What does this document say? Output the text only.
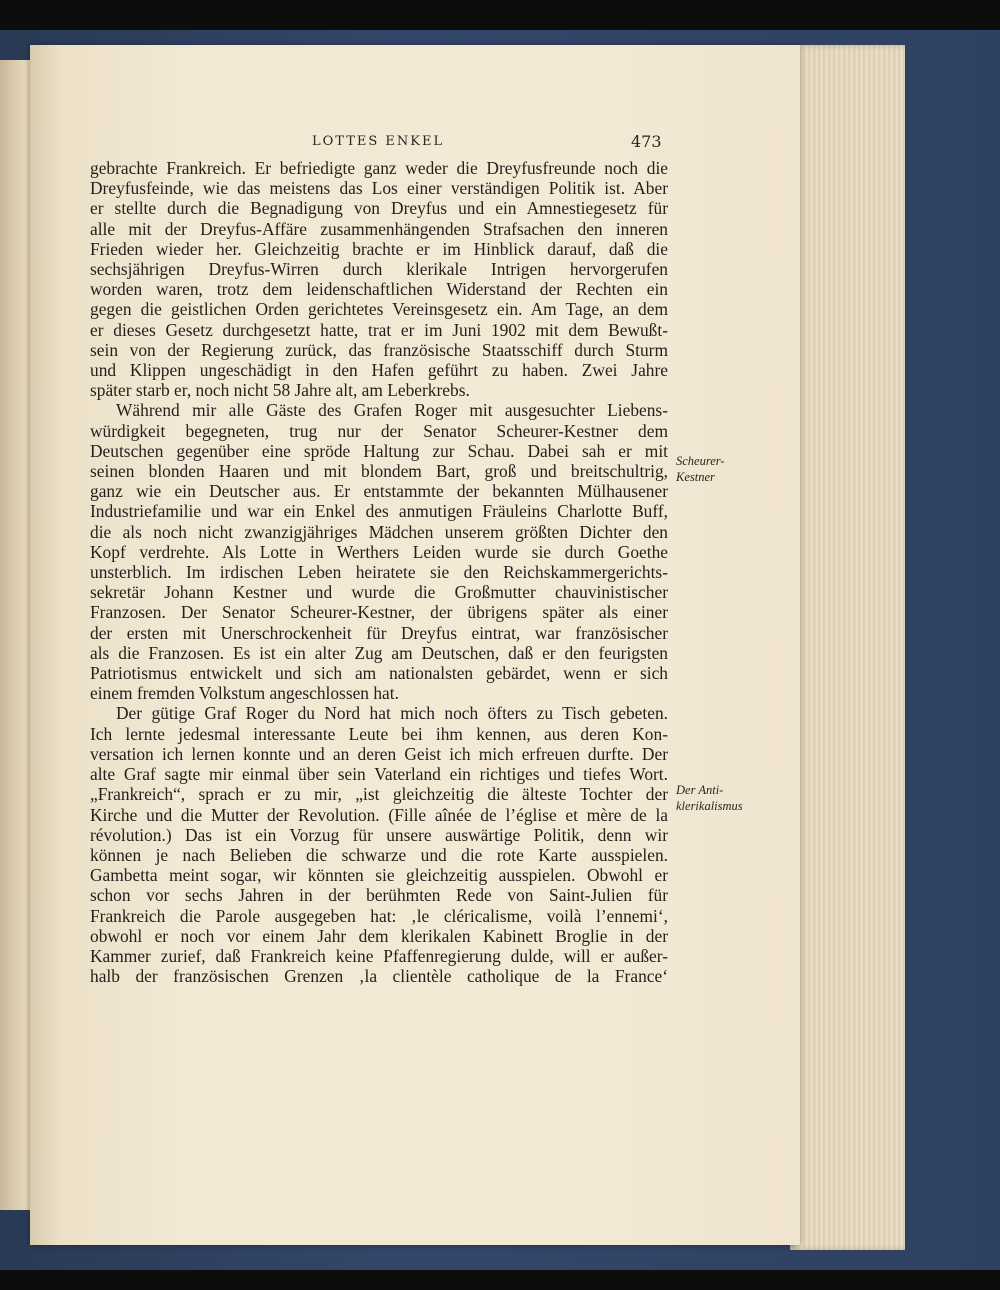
LOTTES ENKEL	473
gebrachte Frankreich. Er befriedigte ganz weder die Dreyfusfreunde noch die
Dreyfusfeinde, wie das meistens das Los einer verständigen Politik ist. Aber
er stellte durch die Begnadigung von Dreyfus und ein Amnestiegesetz für
alle mit der Dreyfus-Affäre zusammenhängenden Strafsachen den inneren
Frieden wieder her. Gleichzeitig brachte er im Hinblick darauf, daß die
sechsjährigen Dreyfus-Wirren durch klerikale Intrigen hervorgerufen
worden waren, trotz dem leidenschaftlichen Widerstand der Rechten ein
gegen die geistlichen Orden gerichtetes Vereinsgesetz ein. Am Tage, an dem
er dieses Gesetz durchgesetzt hatte, trat er im Juni 1902 mit dem Bewußt-
sein von der Regierung zurück, das französische Staatsschiff durch Sturm
und Klippen ungeschädigt in den Hafen geführt zu haben. Zwei Jahre
später starb er, noch nicht 58 Jahre alt, am Leberkrebs.
Während mir alle Gäste des Grafen Roger mit ausgesuchter Liebens-
würdigkeit begegneten, trug nur der Senator Scheurer-Kestner dem
Deutschen gegenüber eine spröde Haltung zur Schau. Dabei sah er mit
seinen blonden Haaren und mit blondem Bart, groß und breitschultrig,
ganz wie ein Deutscher aus. Er entstammte der bekannten Mülhausener
Industriefamilie und war ein Enkel des anmutigen Fräuleins Charlotte Buff,
die als noch nicht zwanzigjähriges Mädchen unserem größten Dichter den
Kopf verdrehte. Als Lotte in Werthers Leiden wurde sie durch Goethe
unsterblich. Im irdischen Leben heiratete sie den Reichskammergerichts-
sekretär Johann Kestner und wurde die Großmutter chauvinistischer
Franzosen. Der Senator Scheurer-Kestner, der übrigens später als einer
der ersten mit Unerschrockenheit für Dreyfus eintrat, war französischer
als die Franzosen. Es ist ein alter Zug am Deutschen, daß er den feurigsten
Patriotismus entwickelt und sich am nationalsten gebärdet, wenn er sich
einem fremden Volkstum angeschlossen hat.
Der gütige Graf Roger du Nord hat mich noch öfters zu Tisch gebeten.
Ich lernte jedesmal interessante Leute bei ihm kennen, aus deren Kon-
versation ich lernen konnte und an deren Geist ich mich erfreuen durfte. Der
alte Graf sagte mir einmal über sein Vaterland ein richtiges und tiefes Wort.
„Frankreich“, sprach er zu mir, „ist gleichzeitig die älteste Tochter der
Kirche und die Mutter der Revolution. (Fille aînée de l’église et mère de la
révolution.) Das ist ein Vorzug für unsere auswärtige Politik, denn wir
können je nach Belieben die schwarze und die rote Karte ausspielen.
Gambetta meint sogar, wir könnten sie gleichzeitig ausspielen. Obwohl er
schon vor sechs Jahren in der berühmten Rede von Saint-Julien für
Frankreich die Parole ausgegeben hat: ‚le cléricalisme, voilà l’ennemi‘,
obwohl er noch vor einem Jahr dem klerikalen Kabinett Broglie in der
Kammer zurief, daß Frankreich keine Pfaffenregierung dulde, will er außer-
halb der französischen Grenzen ‚la clientèle catholique de la France‘
Scheurer-
Kestner
Der Anti-
klerikalismus
